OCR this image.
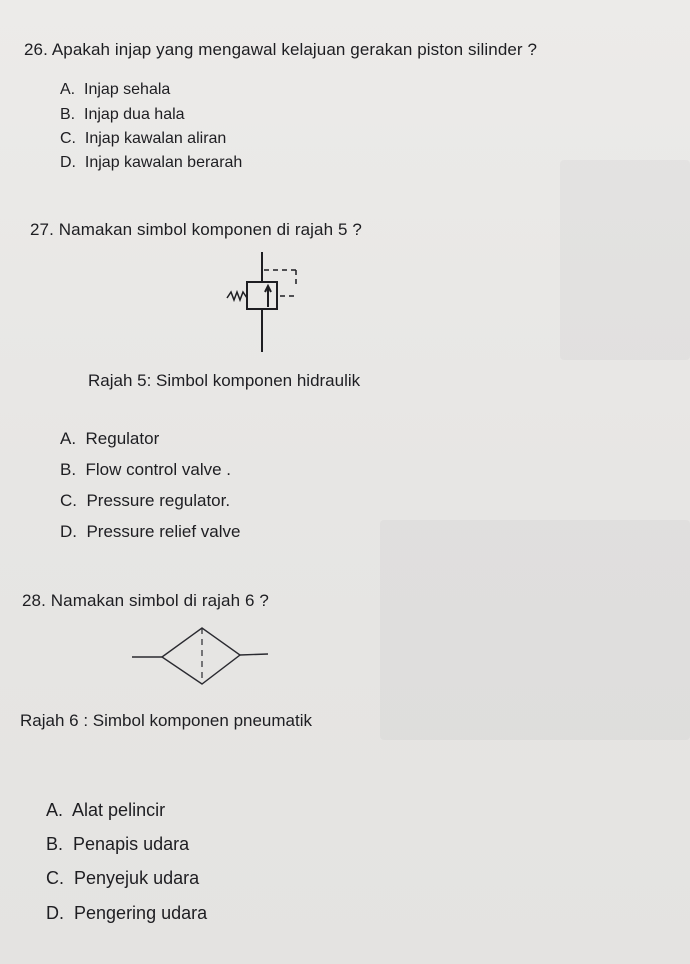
26. Apakah injap yang mengawal kelajuan gerakan piston silinder ?
A. Injap sehala
B. Injap dua hala
C. Injap kawalan aliran
D. Injap kawalan berarah
27. Namakan simbol komponen di rajah 5 ?
Rajah 5: Simbol komponen hidraulik
A. Regulator
B. Flow control valve .
C. Pressure regulator.
D. Pressure relief valve
28. Namakan simbol di rajah 6 ?
Rajah 6 : Simbol komponen pneumatik
A. Alat pelincir
B. Penapis udara
C. Penyejuk udara
D. Pengering udara
